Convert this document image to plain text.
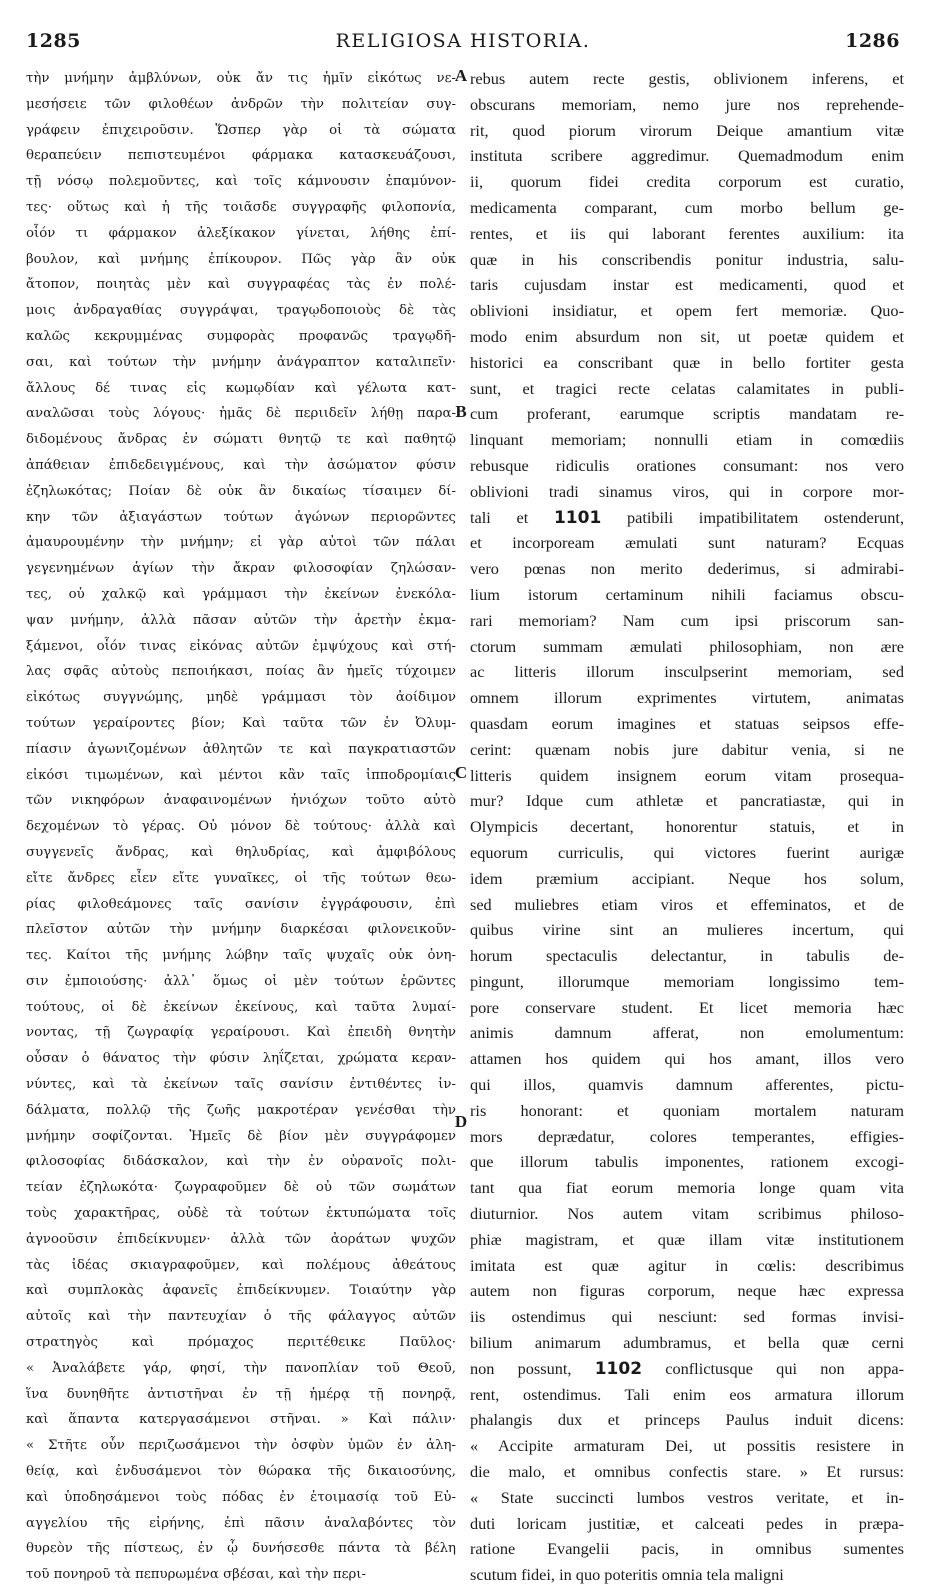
1285	RELIGIOSA HISTORIA.	1286
τὴν μνήμην ἀμβλύνων, οὐκ ἄν τις ἡμῖν εἰκότως νε-
μεσήσειε τῶν φιλοθέων ἀνδρῶν τὴν πολιτείαν συγ-
γράφειν ἐπιχειροῦσιν. Ὥσπερ γὰρ οἱ τὰ σώματα
θεραπεύειν πεπιστευμένοι φάρμακα κατασκευάζουσι,
τῇ νόσῳ πολεμοῦντες, καὶ τοῖς κάμνουσιν ἐπαμύνον-
τες· οὕτως καὶ ἡ τῆς τοιᾶσδε συγγραφῆς φιλοπονία,
οἷόν τι φάρμακον ἀλεξίκακον γίνεται, λήθης ἐπί-
βουλον, καὶ μνήμης ἐπίκουρον. Πῶς γὰρ ἂν οὐκ
ἄτοπον, ποιητὰς μὲν καὶ συγγραφέας τὰς ἐν πολέ-
μοις ἀνδραγαθίας συγγράψαι, τραγῳδοποιοὺς δὲ τὰς
καλῶς κεκρυμμένας συμφορὰς προφανῶς τραγῳδῆ-
σαι, καὶ τούτων τὴν μνήμην ἀνάγραπτον καταλιπεῖν·
ἄλλους δέ τινας εἰς κωμῳδίαν καὶ γέλωτα κατ-
αναλῶσαι τοὺς λόγους· ἡμᾶς δὲ περιιδεῖν λήθῃ παρα-
διδομένους ἄνδρας ἐν σώματι θνητῷ τε καὶ παθητῷ
ἀπάθειαν ἐπιδεδειγμένους, καὶ τὴν ἀσώματον φύσιν
ἐζηλωκότας; Ποίαν δὲ οὐκ ἂν δικαίως τίσαιμεν δί-
κην τῶν ἀξιαγάστων τούτων ἀγώνων περιορῶντες
ἀμαυρουμένην τὴν μνήμην; εἰ γὰρ αὐτοὶ τῶν πάλαι
γεγενημένων ἁγίων τὴν ἄκραν φιλοσοφίαν ζηλώσαν-
τες, οὐ χαλκῷ καὶ γράμμασι τὴν ἐκείνων ἐνεκόλα-
ψαν μνήμην, ἀλλὰ πᾶσαν αὐτῶν τὴν ἀρετὴν ἐκμα-
ξάμενοι, οἷόν τινας εἰκόνας αὐτῶν ἐμψύχους καὶ στή-
λας σφᾶς αὐτοὺς πεποιήκασι, ποίας ἂν ἡμεῖς τύχοιμεν
εἰκότως συγγνώμης, μηδὲ γράμμασι τὸν ἀοίδιμον
τούτων γεραίροντες βίον; Καὶ ταῦτα τῶν ἐν Ὀλυμ-
πίασιν ἀγωνιζομένων ἀθλητῶν τε καὶ παγκρατιαστῶν
εἰκόσι τιμωμένων, καὶ μέντοι κἂν ταῖς ἱπποδρομίαις
τῶν νικηφόρων ἀναφαινομένων ἡνιόχων τοῦτο αὐτὸ
δεχομένων τὸ γέρας. Οὐ μόνον δὲ τούτους· ἀλλὰ καὶ
συγγενεῖς ἄνδρας, καὶ θηλυδρίας, καὶ ἀμφιβόλους
εἴτε ἄνδρες εἶεν εἴτε γυναῖκες, οἱ τῆς τούτων θεω-
ρίας φιλοθεάμονες ταῖς σανίσιν ἐγγράφουσιν, ἐπὶ
πλεῖστον αὐτῶν τὴν μνήμην διαρκέσαι φιλονεικοῦν-
τες. Καίτοι τῆς μνήμης λώβην ταῖς ψυχαῖς οὐκ ὀνη-
σιν ἐμποιούσης· ἀλλ᾽ ὅμως οἱ μὲν τούτων ἐρῶντες
τούτους, οἱ δὲ ἐκείνων ἐκείνους, καὶ ταῦτα λυμαί-
νοντας, τῇ ζωγραφίᾳ γεραίρουσι. Καὶ ἐπειδὴ θνητὴν
οὖσαν ὁ θάνατος τὴν φύσιν ληΐζεται, χρώματα κεραν-
νύντες, καὶ τὰ ἐκείνων ταῖς σανίσιν ἐντιθέντες ἰν-
δάλματα, πολλῷ τῆς ζωῆς μακροτέραν γενέσθαι τὴν
μνήμην σοφίζονται. Ἡμεῖς δὲ βίον μὲν συγγράφομεν
φιλοσοφίας διδάσκαλον, καὶ τὴν ἐν οὐρανοῖς πολι-
τείαν ἐζηλωκότα· ζωγραφοῦμεν δὲ οὐ τῶν σωμάτων
τοὺς χαρακτῆρας, οὐδὲ τὰ τούτων ἐκτυπώματα τοῖς
ἀγνοοῦσιν ἐπιδείκνυμεν· ἀλλὰ τῶν ἀοράτων ψυχῶν
τὰς ἰδέας σκιαγραφοῦμεν, καὶ πολέμους ἀθεάτους
καὶ συμπλοκὰς ἀφανεῖς ἐπιδείκνυμεν. Τοιαύτην γὰρ
αὐτοῖς καὶ τὴν πανтευχίαν ὁ τῆς φάλαγγος αὐτῶν
στρατηγὸς καὶ πρόμαχος περιτέθεικε Παῦλος·
« Ἀναλάβετε γάρ, φησί, τὴν πανοπλίαν τοῦ Θεοῦ,
ἵνα δυνηθῆτε ἀντιστῆναι ἐν τῇ ἡμέρᾳ τῇ πονηρᾷ,
καὶ ἅπαντα κατεργασάμενοι στῆναι. » Καὶ πάλιν·
« Στῆτε οὖν περιζωσάμενοι τὴν ὀσφὺν ὑμῶν ἐν ἀλη-
θείᾳ, καὶ ἐνδυσάμενοι τὸν θώρακα τῆς δικαιοσύνης,
καὶ ὑποδησάμενοι τοὺς πόδας ἐν ἑτοιμασίᾳ τοῦ Εὐ-
αγγελίου τῆς εἰρήνης, ἐπὶ πᾶσιν ἀναλαβόντες τὸν
θυρεὸν τῆς πίστεως, ἐν ᾧ δυνήσεσθε πάντα τὰ βέλη
τοῦ πονηροῦ τὰ πεπυρωμένα σβέσαι, καὶ τὴν περι-
rebus autem recte gestis, oblivionem inferens, et
obscurans memoriam, nemo jure nos reprehende-
rit, quod piorum virorum Deique amantium vitæ
instituta scribere aggredimur. Quemadmodum enim
ii, quorum fidei credita corporum est curatio,
medicamenta comparant, cum morbo bellum ge-
rentes, et iis qui laborant ferentes auxilium: ita
quæ in his conscribendis ponitur industria, salu-
taris cujusdam instar est medicamenti, quod et
oblivioni insidiatur, et opem fert memoriæ. Quo-
modo enim absurdum non sit, ut poetæ quidem et
historici ea conscribant quæ in bello fortiter gesta
sunt, et tragici recte celatas calamitates in publi-
cum proferant, earumque scriptis mandatam re-
linquant memoriam; nonnulli etiam in comœdiis
rebusque ridiculis orationes consumant: nos vero
oblivioni tradi sinamus viros, qui in corpore mor-
tali et 1101 patibili impatibilitatem ostenderunt,
et incorpoream æmulati sunt naturam? Ecquas
vero pœnas non merito dederimus, si admirabi-
lium istorum certaminum nihili faciamus obscu-
rari memoriam? Nam cum ipsi priscorum san-
ctorum summam æmulati philosophiam, non ære
ac litteris illorum insculpserint memoriam, sed
omnem illorum exprimentes virtutem, animatas
quasdam eorum imagines et statuas seipsos effe-
cerint: quænam nobis jure dabitur venia, si ne
litteris quidem insignem eorum vitam prosequa-
mur? Idque cum athletæ et pancratiastæ, qui in
Olympicis decertant, honorentur statuis, et in
equorum curriculis, qui victores fuerint aurigæ
idem præmium accipiant. Neque hos solum,
sed muliebres etiam viros et effeminatos, et de
quibus virine sint an mulieres incertum, qui
horum spectaculis delectantur, in tabulis de-
pingunt, illorumque memoriam longissimo tem-
pore conservare student. Et licet memoria hæc
animis damnum afferat, non emolumentum:
attamen hos quidem qui hos amant, illos vero
qui illos, quamvis damnum afferentes, pictu-
ris honorant: et quoniam mortalem naturam
mors deprædatur, colores temperantes, effigies-
que illorum tabulis imponentes, rationem excogi-
tant qua fiat eorum memoria longe quam vita
diuturnior. Nos autem vitam scribimus philoso-
phiæ magistram, et quæ illam vitæ institutionem
imitata est quæ agitur in cœlis: describimus
autem non figuras corporum, neque hæc expressa
iis ostendimus qui nesciunt: sed formas invisi-
bilium animarum adumbramus, et bella quæ cerni
non possunt, 1102 conflictusque qui non appa-
rent, ostendimus. Tali enim eos armatura illorum
phalangis dux et princeps Paulus induit dicens:
« Accipite armaturam Dei, ut possitis resistere in
die malo, et omnibus confectis stare. » Et rursus:
« State succincti lumbos vestros veritate, et in-
duti loricam justitiæ, et calceati pedes in præpa-
ratione Evangelii pacis, in omnibus sumentes
scutum fidei, in quo poteritis omnia tela maligni
A
B
C
D
